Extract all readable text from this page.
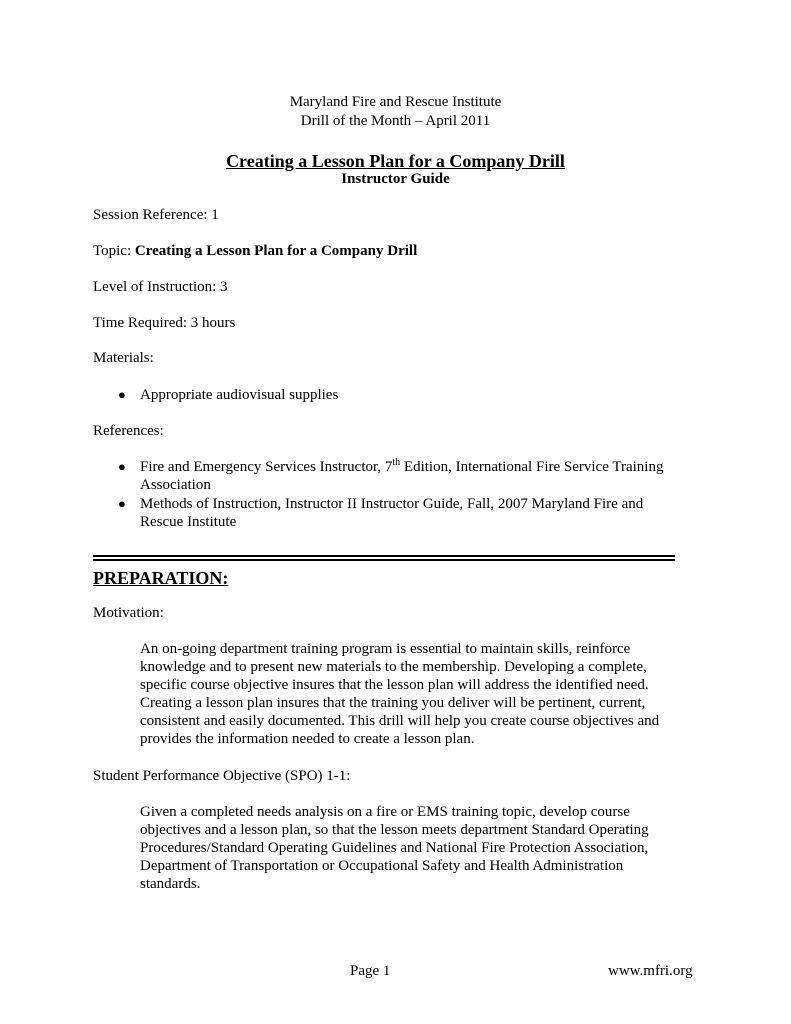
Maryland Fire and Rescue Institute
Drill of the Month – April 2011
Creating a Lesson Plan for a Company Drill
Instructor Guide
Session Reference: 1
Topic: Creating a Lesson Plan for a Company Drill
Level of Instruction: 3
Time Required: 3 hours
Materials:
● Appropriate audiovisual supplies
References:
● Fire and Emergency Services Instructor, 7th Edition, International Fire Service Training
Association
● Methods of Instruction, Instructor II Instructor Guide, Fall, 2007 Maryland Fire and
Rescue Institute
PREPARATION:
Motivation:
An on-going department training program is essential to maintain skills, reinforce
knowledge and to present new materials to the membership. Developing a complete,
specific course objective insures that the lesson plan will address the identified need.
Creating a lesson plan insures that the training you deliver will be pertinent, current,
consistent and easily documented. This drill will help you create course objectives and
provides the information needed to create a lesson plan.
Student Performance Objective (SPO) 1-1:
Given a completed needs analysis on a fire or EMS training topic, develop course
objectives and a lesson plan, so that the lesson meets department Standard Operating
Procedures/Standard Operating Guidelines and National Fire Protection Association,
Department of Transportation or Occupational Safety and Health Administration
standards.
Page 1	www.mfri.org
